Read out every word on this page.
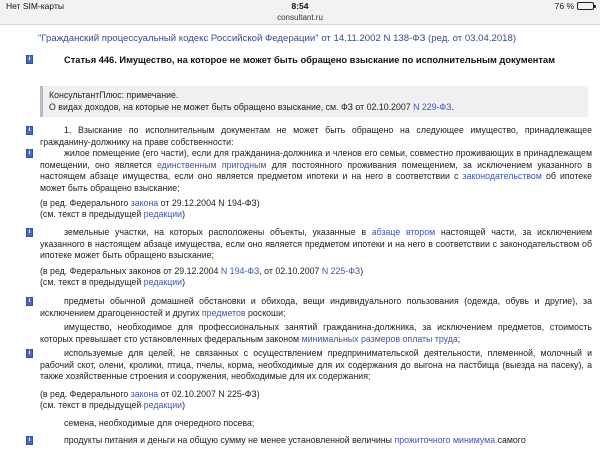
Нет SIM-карты	8:54	76 %
consultant.ru
"Гражданский процессуальный кодекс Российской Федерации" от 14.11.2002 N 138-ФЗ (ред. от 03.04.2018)
i	Статья 446. Имущество, на которое не может быть обращено взыскание по исполнительным документам
КонсультантПлюс: примечание.
О видах доходов, на которые не может быть обращено взыскание, см. ФЗ от 02.10.2007 N 229-ФЗ.
i	1. Взыскание по исполнительным документам не может быть обращено на следующее имущество, принадлежащее гражданину-должнику на праве собственности:
i	жилое помещение (его части), если для гражданина-должника и членов его семьи, совместно проживающих в принадлежащем помещении, оно является единственным пригодным для постоянного проживания помещением, за исключением указанного в настоящем абзаце имущества, если оно является предметом ипотеки и на него в соответствии с законодательством об ипотеке может быть обращено взыскание;
(в ред. Федерального закона от 29.12.2004 N 194-ФЗ)
(см. текст в предыдущей редакции)
i	земельные участки, на которых расположены объекты, указанные в абзаце втором настоящей части, за исключением указанного в настоящем абзаце имущества, если оно является предметом ипотеки и на него в соответствии с законодательством об ипотеке может быть обращено взыскание;
(в ред. Федеральных законов от 29.12.2004 N 194-ФЗ, от 02.10.2007 N 225-ФЗ)
(см. текст в предыдущей редакции)
i	предметы обычной домашней обстановки и обихода, вещи индивидуального пользования (одежда, обувь и другие), за исключением драгоценностей и других предметов роскоши;
имущество, необходимое для профессиональных занятий гражданина-должника, за исключением предметов, стоимость которых превышает сто установленных федеральным законом минимальных размеров оплаты труда;
i	используемые для целей, не связанных с осуществлением предпринимательской деятельности, племенной, молочный и рабочий скот, олени, кролики, птица, пчелы, корма, необходимые для их содержания до выгона на пастбища (выезда на пасеку), а также хозяйственные строения и сооружения, необходимые для их содержания;
(в ред. Федерального закона от 02.10.2007 N 225-ФЗ)
(см. текст в предыдущей редакции)
семена, необходимые для очередного посева;
i	продукты питания и деньги на общую сумму не менее установленной величины прожиточного минимума самого
